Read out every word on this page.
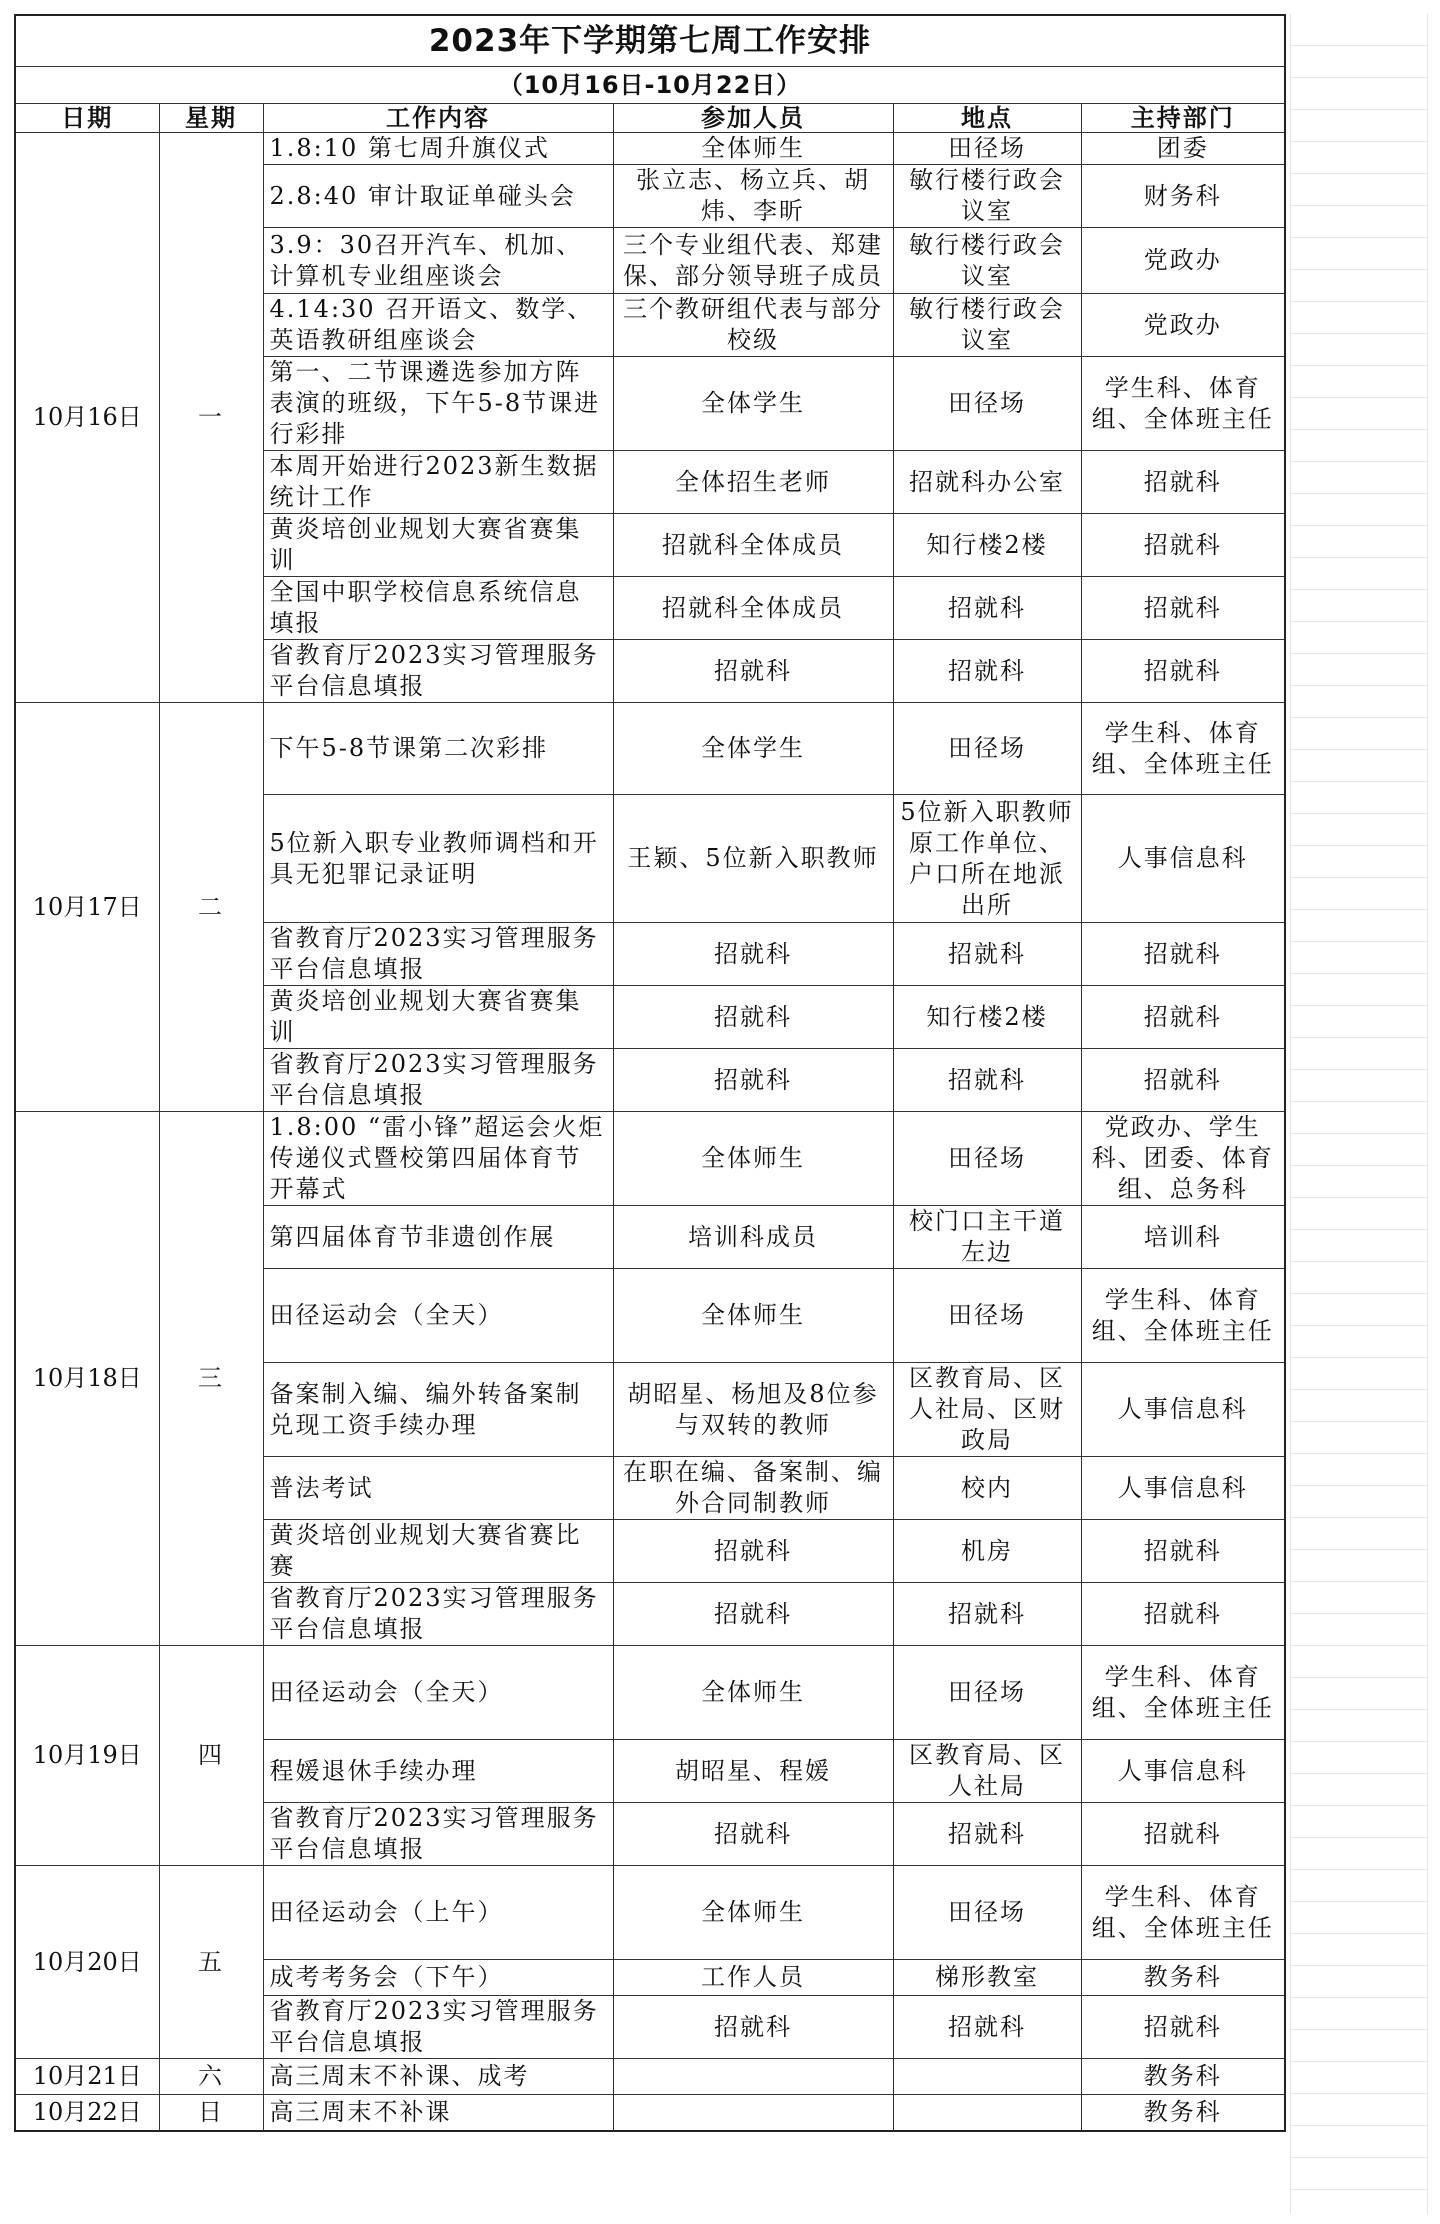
2023年下学期第七周工作安排					
（10月16日-10月22日）					
日期	星期	工作内容	参加人员	地点	主持部门
10月16日	一	1.8:10 第七周升旗仪式	全体师生	田径场	团委
		2.8:40 审计取证单碰头会	张立志、杨立兵、胡炜、李昕	敏行楼行政会议室	财务科
		3.9：30召开汽车、机加、计算机专业组座谈会	三个专业组代表、郑建保、部分领导班子成员	敏行楼行政会议室	党政办
		4.14:30 召开语文、数学、英语教研组座谈会	三个教研组代表与部分校级	敏行楼行政会议室	党政办
		第一、二节课遴选参加方阵表演的班级，下午5-8节课进行彩排	全体学生	田径场	学生科、体育组、全体班主任
		本周开始进行2023新生数据统计工作	全体招生老师	招就科办公室	招就科
		黄炎培创业规划大赛省赛集训	招就科全体成员	知行楼2楼	招就科
		全国中职学校信息系统信息填报	招就科全体成员	招就科	招就科
		省教育厅2023实习管理服务平台信息填报	招就科	招就科	招就科
10月17日	二	下午5-8节课第二次彩排	全体学生	田径场	学生科、体育组、全体班主任
		5位新入职专业教师调档和开具无犯罪记录证明	王颖、5位新入职教师	5位新入职教师原工作单位、户口所在地派出所	人事信息科
		省教育厅2023实习管理服务平台信息填报	招就科	招就科	招就科
		黄炎培创业规划大赛省赛集训	招就科	知行楼2楼	招就科
		省教育厅2023实习管理服务平台信息填报	招就科	招就科	招就科
10月18日	三	1.8:00 “雷小锋”超运会火炬传递仪式暨校第四届体育节开幕式	全体师生	田径场	党政办、学生科、团委、体育组、总务科
		第四届体育节非遗创作展	培训科成员	校门口主干道左边	培训科
		田径运动会（全天）	全体师生	田径场	学生科、体育组、全体班主任
		备案制入编、编外转备案制兑现工资手续办理	胡昭星、杨旭及8位参与双转的教师	区教育局、区人社局、区财政局	人事信息科
		普法考试	在职在编、备案制、编外合同制教师	校内	人事信息科
		黄炎培创业规划大赛省赛比赛	招就科	机房	招就科
		省教育厅2023实习管理服务平台信息填报	招就科	招就科	招就科
10月19日	四	田径运动会（全天）	全体师生	田径场	学生科、体育组、全体班主任
		程媛退休手续办理	胡昭星、程媛	区教育局、区人社局	人事信息科
		省教育厅2023实习管理服务平台信息填报	招就科	招就科	招就科
10月20日	五	田径运动会（上午）	全体师生	田径场	学生科、体育组、全体班主任
		成考考务会（下午）	工作人员	梯形教室	教务科
		省教育厅2023实习管理服务平台信息填报	招就科	招就科	招就科
10月21日	六	高三周末不补课、成考			教务科
10月22日	日	高三周末不补课			教务科
